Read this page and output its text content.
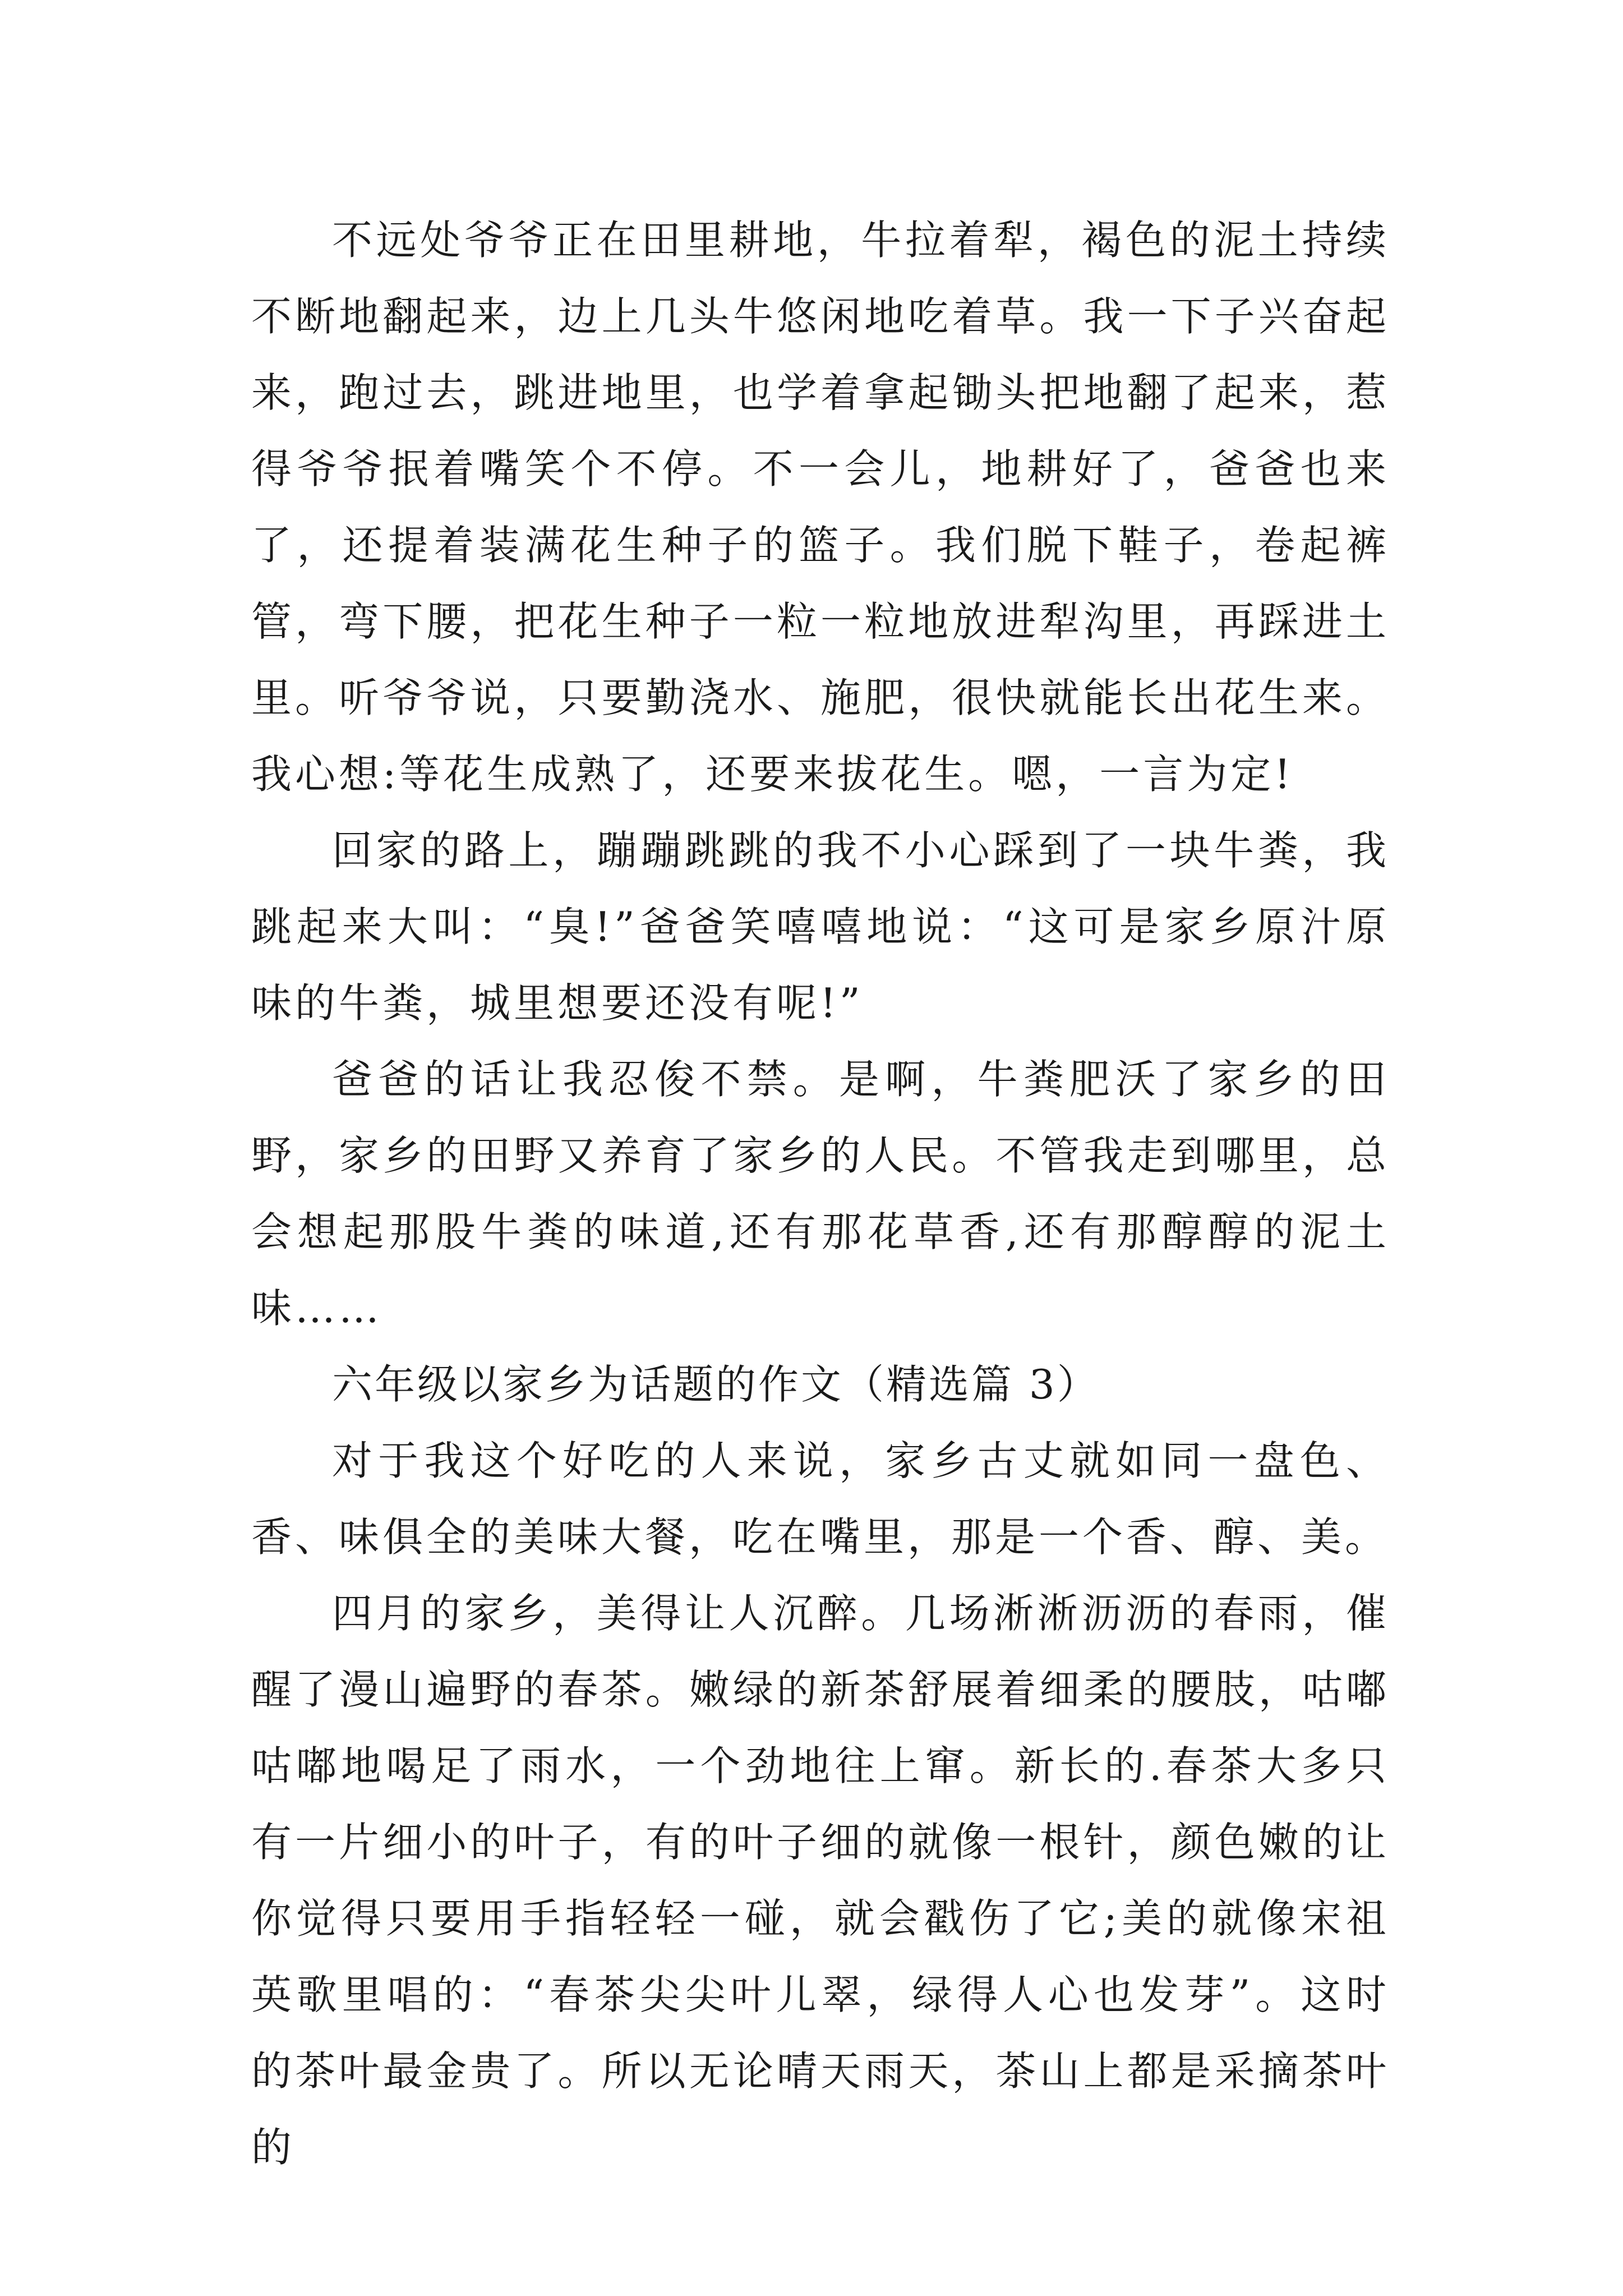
不远处爷爷正在田里耕地，牛拉着犁，褐色的泥土持续不断地翻起来，边上几头牛悠闲地吃着草。我一下子兴奋起来，跑过去，跳进地里，也学着拿起锄头把地翻了起来，惹得爷爷抿着嘴笑个不停。不一会儿，地耕好了，爸爸也来了，还提着装满花生种子的篮子。我们脱下鞋子，卷起裤管，弯下腰，把花生种子一粒一粒地放进犁沟里，再踩进土里。听爷爷说，只要勤浇水、施肥，很快就能长出花生来。我心想:等花生成熟了，还要来拔花生。嗯，一言为定!

回家的路上，蹦蹦跳跳的我不小心踩到了一块牛粪，我跳起来大叫：“臭!”爸爸笑嘻嘻地说：“这可是家乡原汁原味的牛粪，城里想要还没有呢!”

爸爸的话让我忍俊不禁。是啊，牛粪肥沃了家乡的田野，家乡的田野又养育了家乡的人民。不管我走到哪里，总会想起那股牛粪的味道,还有那花草香,还有那醇醇的泥土味……

六年级以家乡为话题的作文（精选篇 3）

对于我这个好吃的人来说，家乡古丈就如同一盘色、香、味俱全的美味大餐，吃在嘴里，那是一个香、醇、美。

四月的家乡，美得让人沉醉。几场淅淅沥沥的春雨，催醒了漫山遍野的春茶。嫩绿的新茶舒展着细柔的腰肢，咕嘟咕嘟地喝足了雨水，一个劲地往上窜。新长的.春茶大多只有一片细小的叶子，有的叶子细的就像一根针，颜色嫩的让你觉得只要用手指轻轻一碰，就会戳伤了它;美的就像宋祖英歌里唱的：“春茶尖尖叶儿翠，绿得人心也发芽”。这时的茶叶最金贵了。所以无论晴天雨天，茶山上都是采摘茶叶的
